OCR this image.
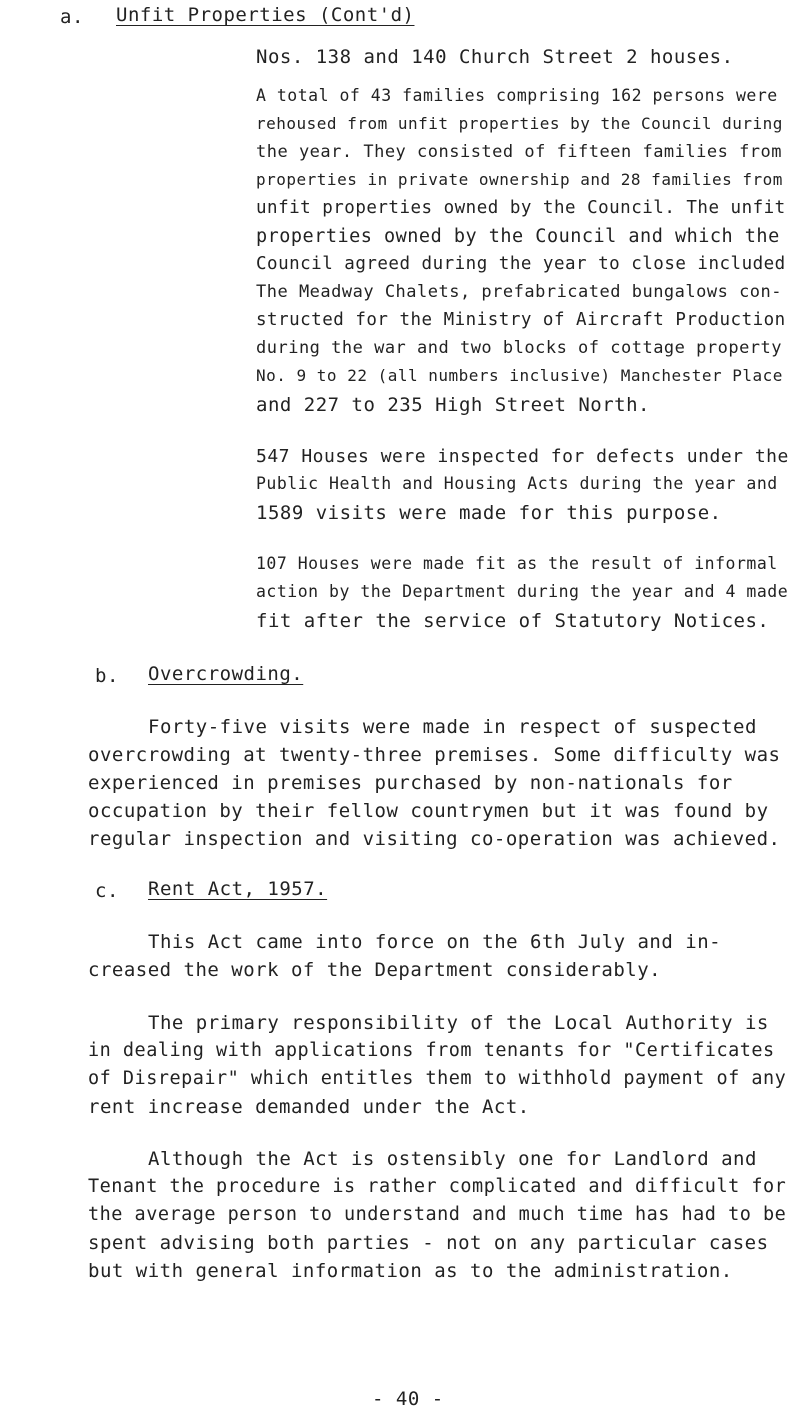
a. Unfit Properties (Cont'd)
Nos. 138 and 140 Church Street 2 houses.
A total of 43 families comprising 162 persons were
rehoused from unfit properties by the Council during
the year. They consisted of fifteen families from
properties in private ownership and 28 families from
unfit properties owned by the Council. The unfit
properties owned by the Council and which the
Council agreed during the year to close included
The Meadway Chalets, prefabricated bungalows con-
structed for the Ministry of Aircraft Production
during the war and two blocks of cottage property
No. 9 to 22 (all numbers inclusive) Manchester Place
and 227 to 235 High Street North.
547 Houses were inspected for defects under the
Public Health and Housing Acts during the year and
1589 visits were made for this purpose.
107 Houses were made fit as the result of informal
action by the Department during the year and 4 made
fit after the service of Statutory Notices.
b. Overcrowding.
Forty-five visits were made in respect of suspected
overcrowding at twenty-three premises. Some difficulty was
experienced in premises purchased by non-nationals for
occupation by their fellow countrymen but it was found by
regular inspection and visiting co-operation was achieved.
c. Rent Act, 1957.
This Act came into force on the 6th July and in-
creased the work of the Department considerably.
The primary responsibility of the Local Authority is
in dealing with applications from tenants for "Certificates
of Disrepair" which entitles them to withhold payment of any
rent increase demanded under the Act.
Although the Act is ostensibly one for Landlord and
Tenant the procedure is rather complicated and difficult for
the average person to understand and much time has had to be
spent advising both parties - not on any particular cases
but with general information as to the administration.
- 40 -
